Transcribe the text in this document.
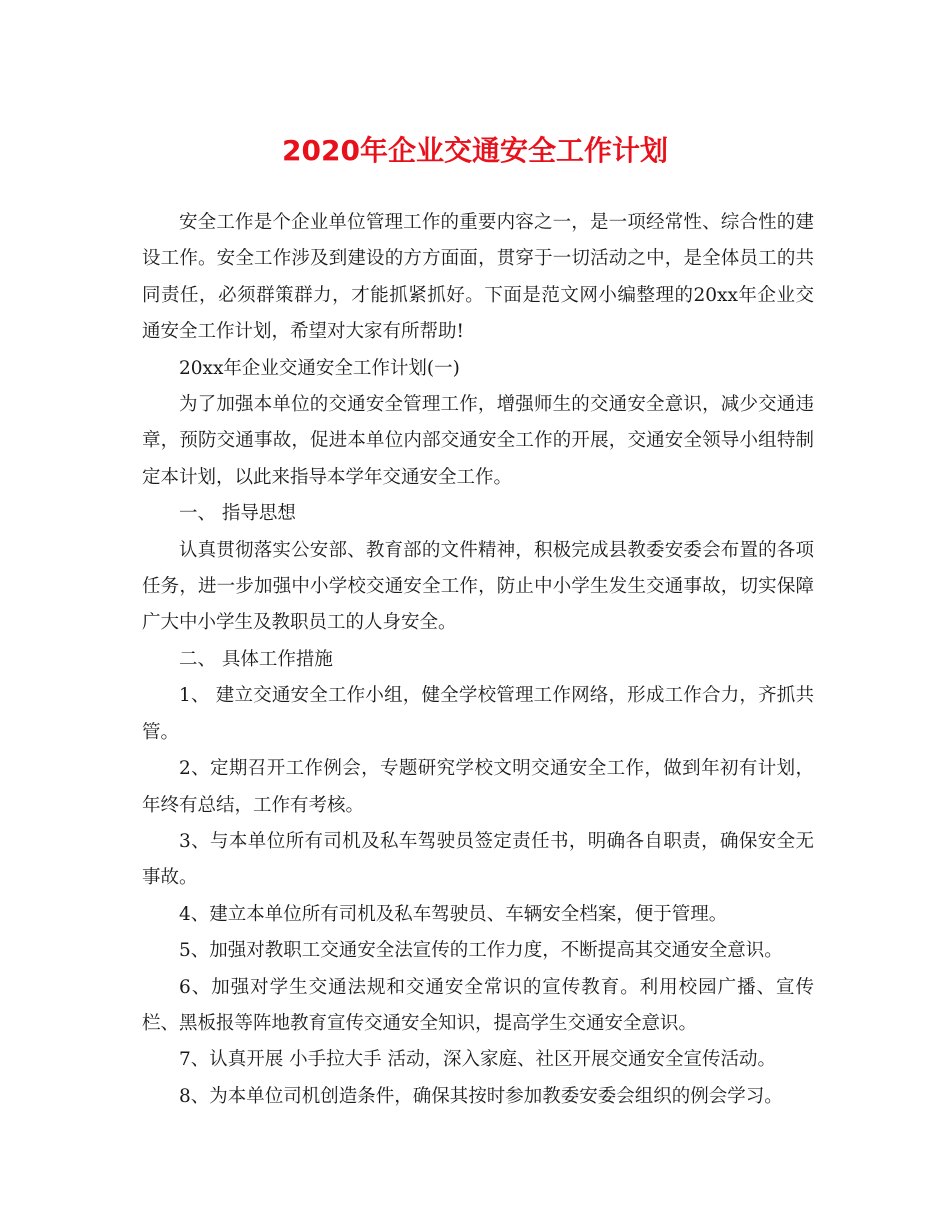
2020年企业交通安全工作计划

安全工作是个企业单位管理工作的重要内容之一，是一项经常性、综合性的建设工作。安全工作涉及到建设的方方面面，贯穿于一切活动之中，是全体员工的共同责任，必须群策群力，才能抓紧抓好。下面是范文网小编整理的20xx年企业交通安全工作计划，希望对大家有所帮助!

20xx年企业交通安全工作计划(一)

为了加强本单位的交通安全管理工作，增强师生的交通安全意识，减少交通违章，预防交通事故，促进本单位内部交通安全工作的开展，交通安全领导小组特制定本计划，以此来指导本学年交通安全工作。

一、 指导思想

认真贯彻落实公安部、教育部的文件精神，积极完成县教委安委会布置的各项任务，进一步加强中小学校交通安全工作，防止中小学生发生交通事故，切实保障广大中小学生及教职员工的人身安全。

二、 具体工作措施

1、 建立交通安全工作小组，健全学校管理工作网络，形成工作合力，齐抓共管。

2、定期召开工作例会，专题研究学校文明交通安全工作，做到年初有计划，年终有总结，工作有考核。

3、与本单位所有司机及私车驾驶员签定责任书，明确各自职责，确保安全无事故。

4、建立本单位所有司机及私车驾驶员、车辆安全档案，便于管理。

5、加强对教职工交通安全法宣传的工作力度，不断提高其交通安全意识。

6、加强对学生交通法规和交通安全常识的宣传教育。利用校园广播、宣传栏、黑板报等阵地教育宣传交通安全知识，提高学生交通安全意识。

7、认真开展 小手拉大手 活动，深入家庭、社区开展交通安全宣传活动。

8、为本单位司机创造条件，确保其按时参加教委安委会组织的例会学习。
